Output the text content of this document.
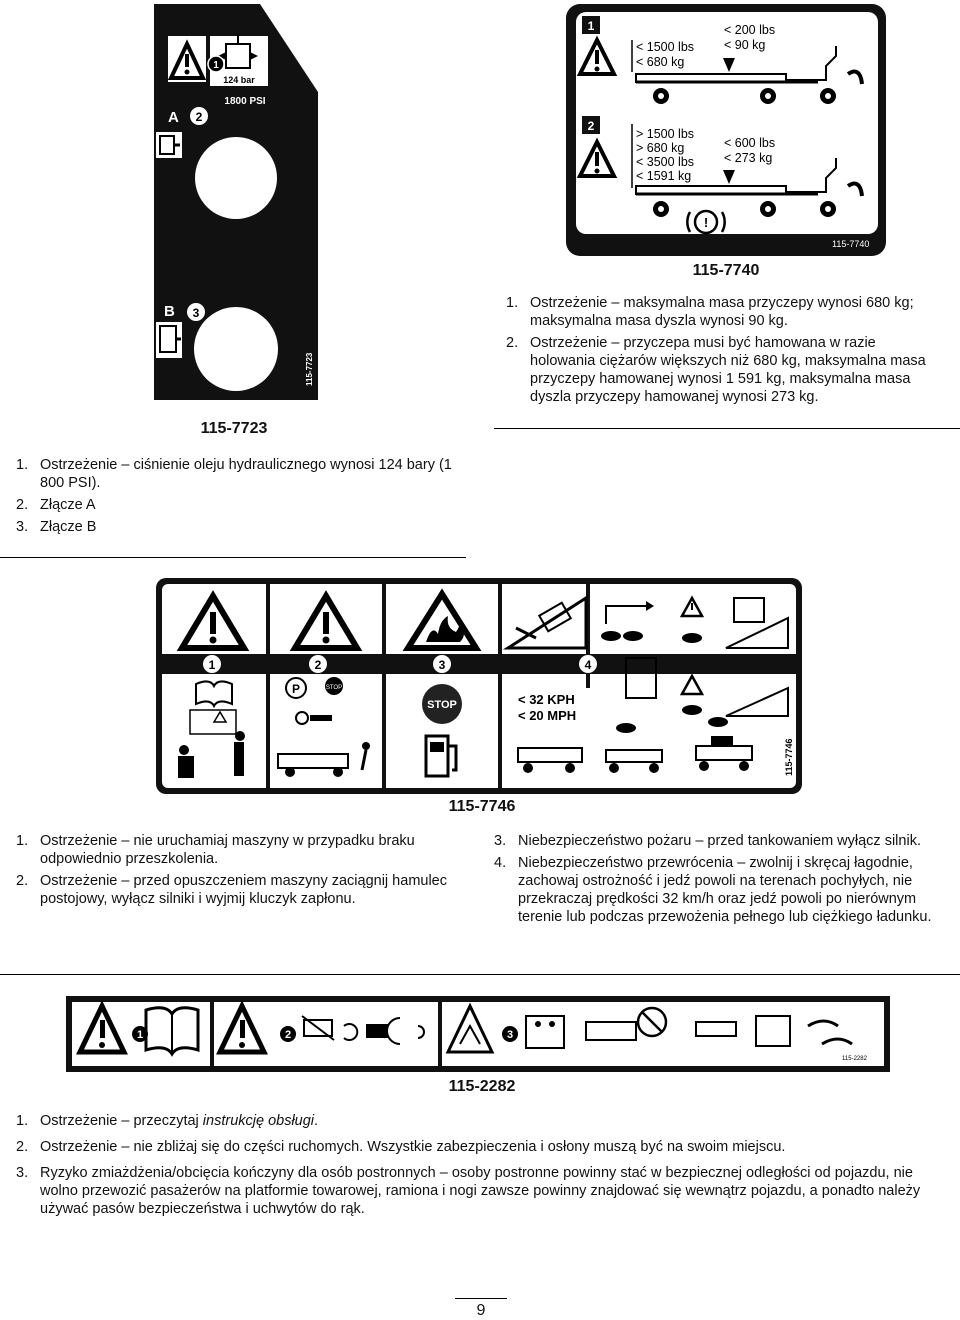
124 bar
1
1800 PSI
A 2
B 3
115-7723
115-7723
1. Ostrzeżenie – ciśnienie oleju hydraulicznego wynosi 124 bary (1 800 PSI).
2. Złącze A
3. Złącze B
1
< 1500 lbs
< 680 kg
< 200 lbs
< 90 kg
2
> 1500 lbs
> 680 kg
< 3500 lbs
< 1591 kg
< 600 lbs
< 273 kg
!
115-7740
115-7740
1. Ostrzeżenie – maksymalna masa przyczepy wynosi 680 kg; maksymalna masa dyszla wynosi 90 kg.
2. Ostrzeżenie – przyczepa musi być hamowana w razie holowania ciężarów większych niż 680 kg, maksymalna masa przyczepy hamowanej wynosi 1 591 kg, maksymalna masa dyszla przyczepy hamowanej wynosi 273 kg.
1	2	3	4
P	STOP
STOP	< 32 KPH
< 20 MPH
115-7746
115-7746
1. Ostrzeżenie – nie uruchamiaj maszyny w przypadku braku odpowiednio przeszkolenia.
2. Ostrzeżenie – przed opuszczeniem maszyny zaciągnij hamulec postojowy, wyłącz silniki i wyjmij kluczyk zapłonu.
3. Niebezpieczeństwo pożaru – przed tankowaniem wyłącz silnik.
4. Niebezpieczeństwo przewrócenia – zwolnij i skręcaj łagodnie, zachowaj ostrożność i jedź powoli na terenach pochyłych, nie przekraczaj prędkości 32 km/h oraz jedź powoli po nierównym terenie lub podczas przewożenia pełnego lub ciężkiego ładunku.
1	2	3
115-2282
115-2282
1. Ostrzeżenie – przeczytaj instrukcję obsługi.
2. Ostrzeżenie – nie zbliżaj się do części ruchomych. Wszystkie zabezpieczenia i osłony muszą być na swoim miejscu.
3. Ryzyko zmiażdżenia/obcięcia kończyny dla osób postronnych – osoby postronne powinny stać w bezpiecznej odległości od pojazdu, nie wolno przewozić pasażerów na platformie towarowej, ramiona i nogi zawsze powinny znajdować się wewnątrz pojazdu, a ponadto należy używać pasów bezpieczeństwa i uchwytów do rąk.
9
